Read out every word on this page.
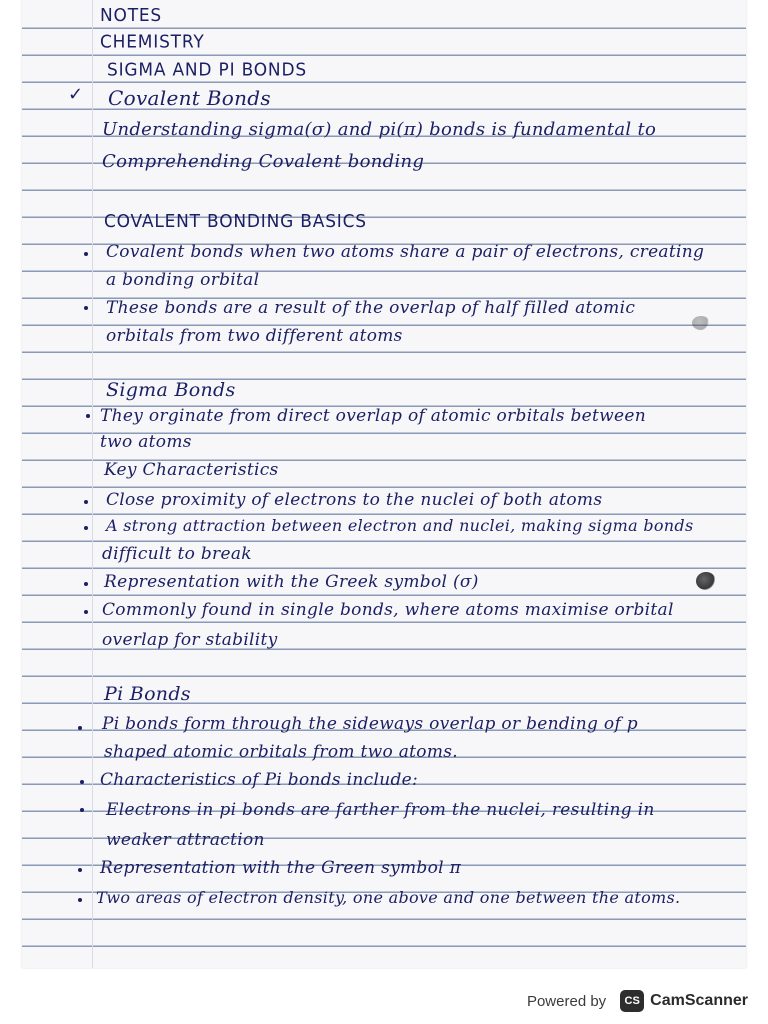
✓
NOTES
CHEMISTRY
SIGMA AND PI BONDS
Covalent Bonds
Understanding sigma(σ) and pi(π) bonds is fundamental to
Comprehending Covalent bonding
COVALENT BONDING BASICS
Covalent bonds when two atoms share a pair of electrons, creating
a bonding orbital
These bonds are a result of the overlap of half filled atomic
orbitals from two different atoms
Sigma Bonds
They orginate from direct overlap of atomic orbitals between
two atoms
Key Characteristics
Close proximity of electrons to the nuclei of both atoms
A strong attraction between electron and nuclei, making sigma bonds
difficult to break
Representation with the Greek symbol (σ)
Commonly found in single bonds, where atoms maximise orbital
overlap for stability
Pi Bonds
Pi bonds form through the sideways overlap or bending of p
shaped atomic orbitals from two atoms.
Characteristics of Pi bonds include:
Electrons in pi bonds are farther from the nuclei, resulting in
weaker attraction
Representation with the Green symbol π
Two areas of electron density, one above and one between the atoms.
Powered by	CS CamScanner
